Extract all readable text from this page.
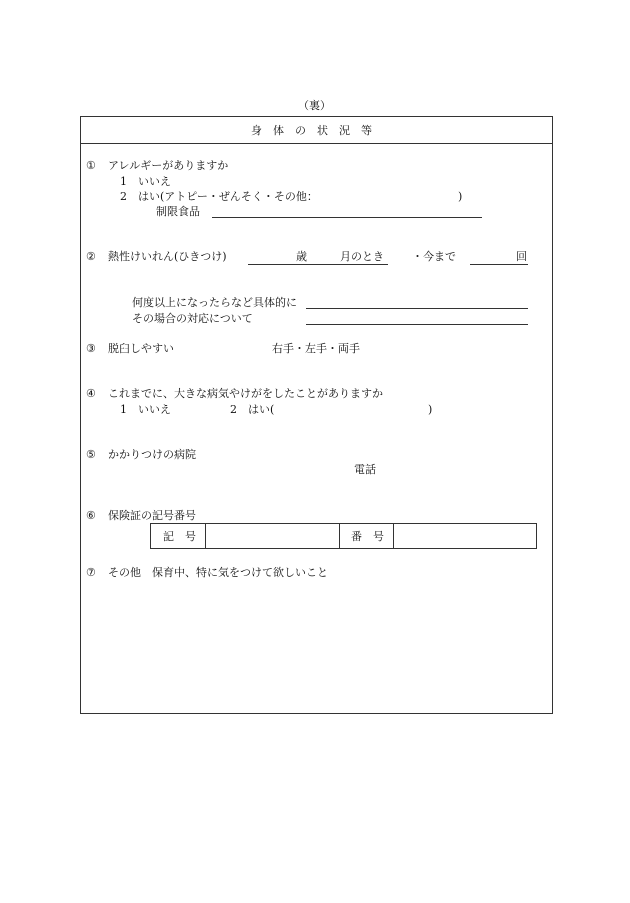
（裏）
身　体　の　状　況　等
① アレルギーがありますか
1　いいえ
2　はい(アトピー・ぜんそく・その他：	)
制限食品
② 熱性けいれん(ひきつけ)	歳	月のとき	・今まで	回
何度以上になったらなど具体的に
その場合の対応について
③ 脱臼しやすい	右手・左手・両手
④ これまでに、大きな病気やけがをしたことがありますか
1　いいえ	2　はい(	)
⑤ かかりつけの病院
電話
⑥ 保険証の記号番号
記　号	番　号
⑦ その他　保育中、特に気をつけて欲しいこと
